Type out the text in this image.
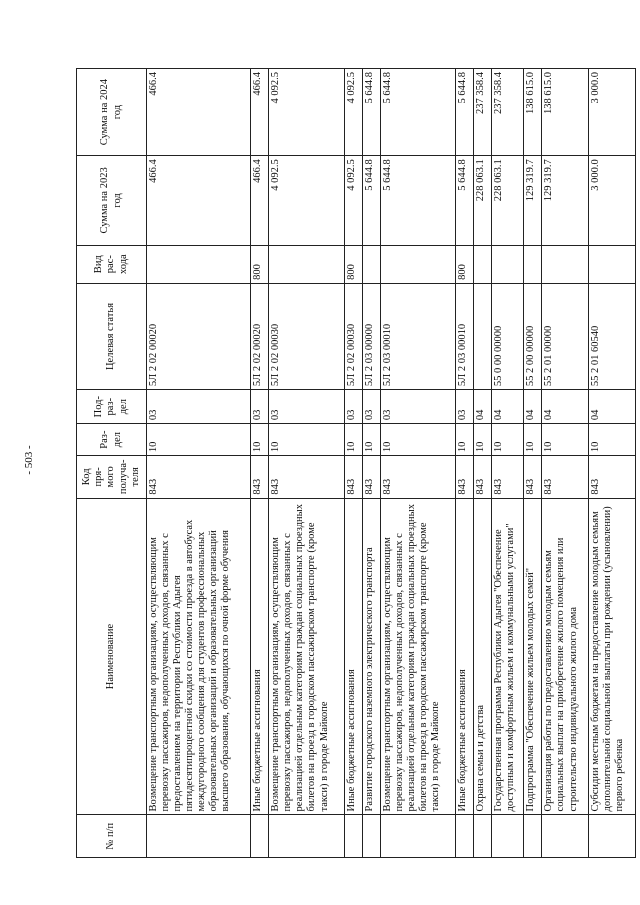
- 503 -
№ п/п	Наименование	Код пря-мого получа-теля	Раз-дел	Под-раз-дел	Целевая статья	Вид рас-хода	Сумма на 2023 год	Сумма на 2024 год
	Возмещение транспортным организациям, осуществляющим перевозку пассажиров, недополученных доходов, связанных с предоставлением на территории Республики Адыгея пятидесятипроцентной скидки со стоимости проезда в автобусах междугородного сообщения для студентов профессиональных образовательных организаций и образовательных организаций высшего образования, обучающихся по очной форме обучения	843	10	03	5Л 2 02 00020		466.4	466.4
	Иные бюджетные ассигнования	843	10	03	5Л 2 02 00020	800	466.4	466.4
	Возмещение транспортным организациям, осуществляющим перевозку пассажиров, недополученных доходов, связанных с реализацией отдельным категориям граждан социальных проездных билетов на проезд в городском пассажирском транспорте (кроме такси) в городе Майкопе	843	10	03	5Л 2 02 00030		4 092.5	4 092.5
	Иные бюджетные ассигнования	843	10	03	5Л 2 02 00030	800	4 092.5	4 092.5
	Развитие городского наземного электрического транспорта	843	10	03	5Л 2 03 00000		5 644.8	5 644.8
	Возмещение транспортным организациям, осуществляющим перевозку пассажиров, недополученных доходов, связанных с реализацией отдельным категориям граждан социальных проездных билетов на проезд в городском пассажирском транспорте (кроме такси) в городе Майкопе	843	10	03	5Л 2 03 00010		5 644.8	5 644.8
	Иные бюджетные ассигнования	843	10	03	5Л 2 03 00010	800	5 644.8	5 644.8
	Охрана семьи и детства	843	10	04			228 063.1	237 358.4
	Государственная программа Республики Адыгея "Обеспечение доступным и комфортным жильем и коммунальными услугами"	843	10	04	55 0 00 00000		228 063.1	237 358.4
	Подпрограмма "Обеспечение жильем молодых семей"	843	10	04	55 2 00 00000		129 319.7	138 615.0
	Организация работы по предоставлению молодым семьям социальных выплат на приобретение жилого помещения или строительство индивидуального жилого дома	843	10	04	55 2 01 00000		129 319.7	138 615.0
	Субсидии местным бюджетам на предоставление молодым семьям дополнительной социальной выплаты при рождении (усыновлении) первого ребенка	843	10	04	55 2 01 60540		3 000.0	3 000.0
